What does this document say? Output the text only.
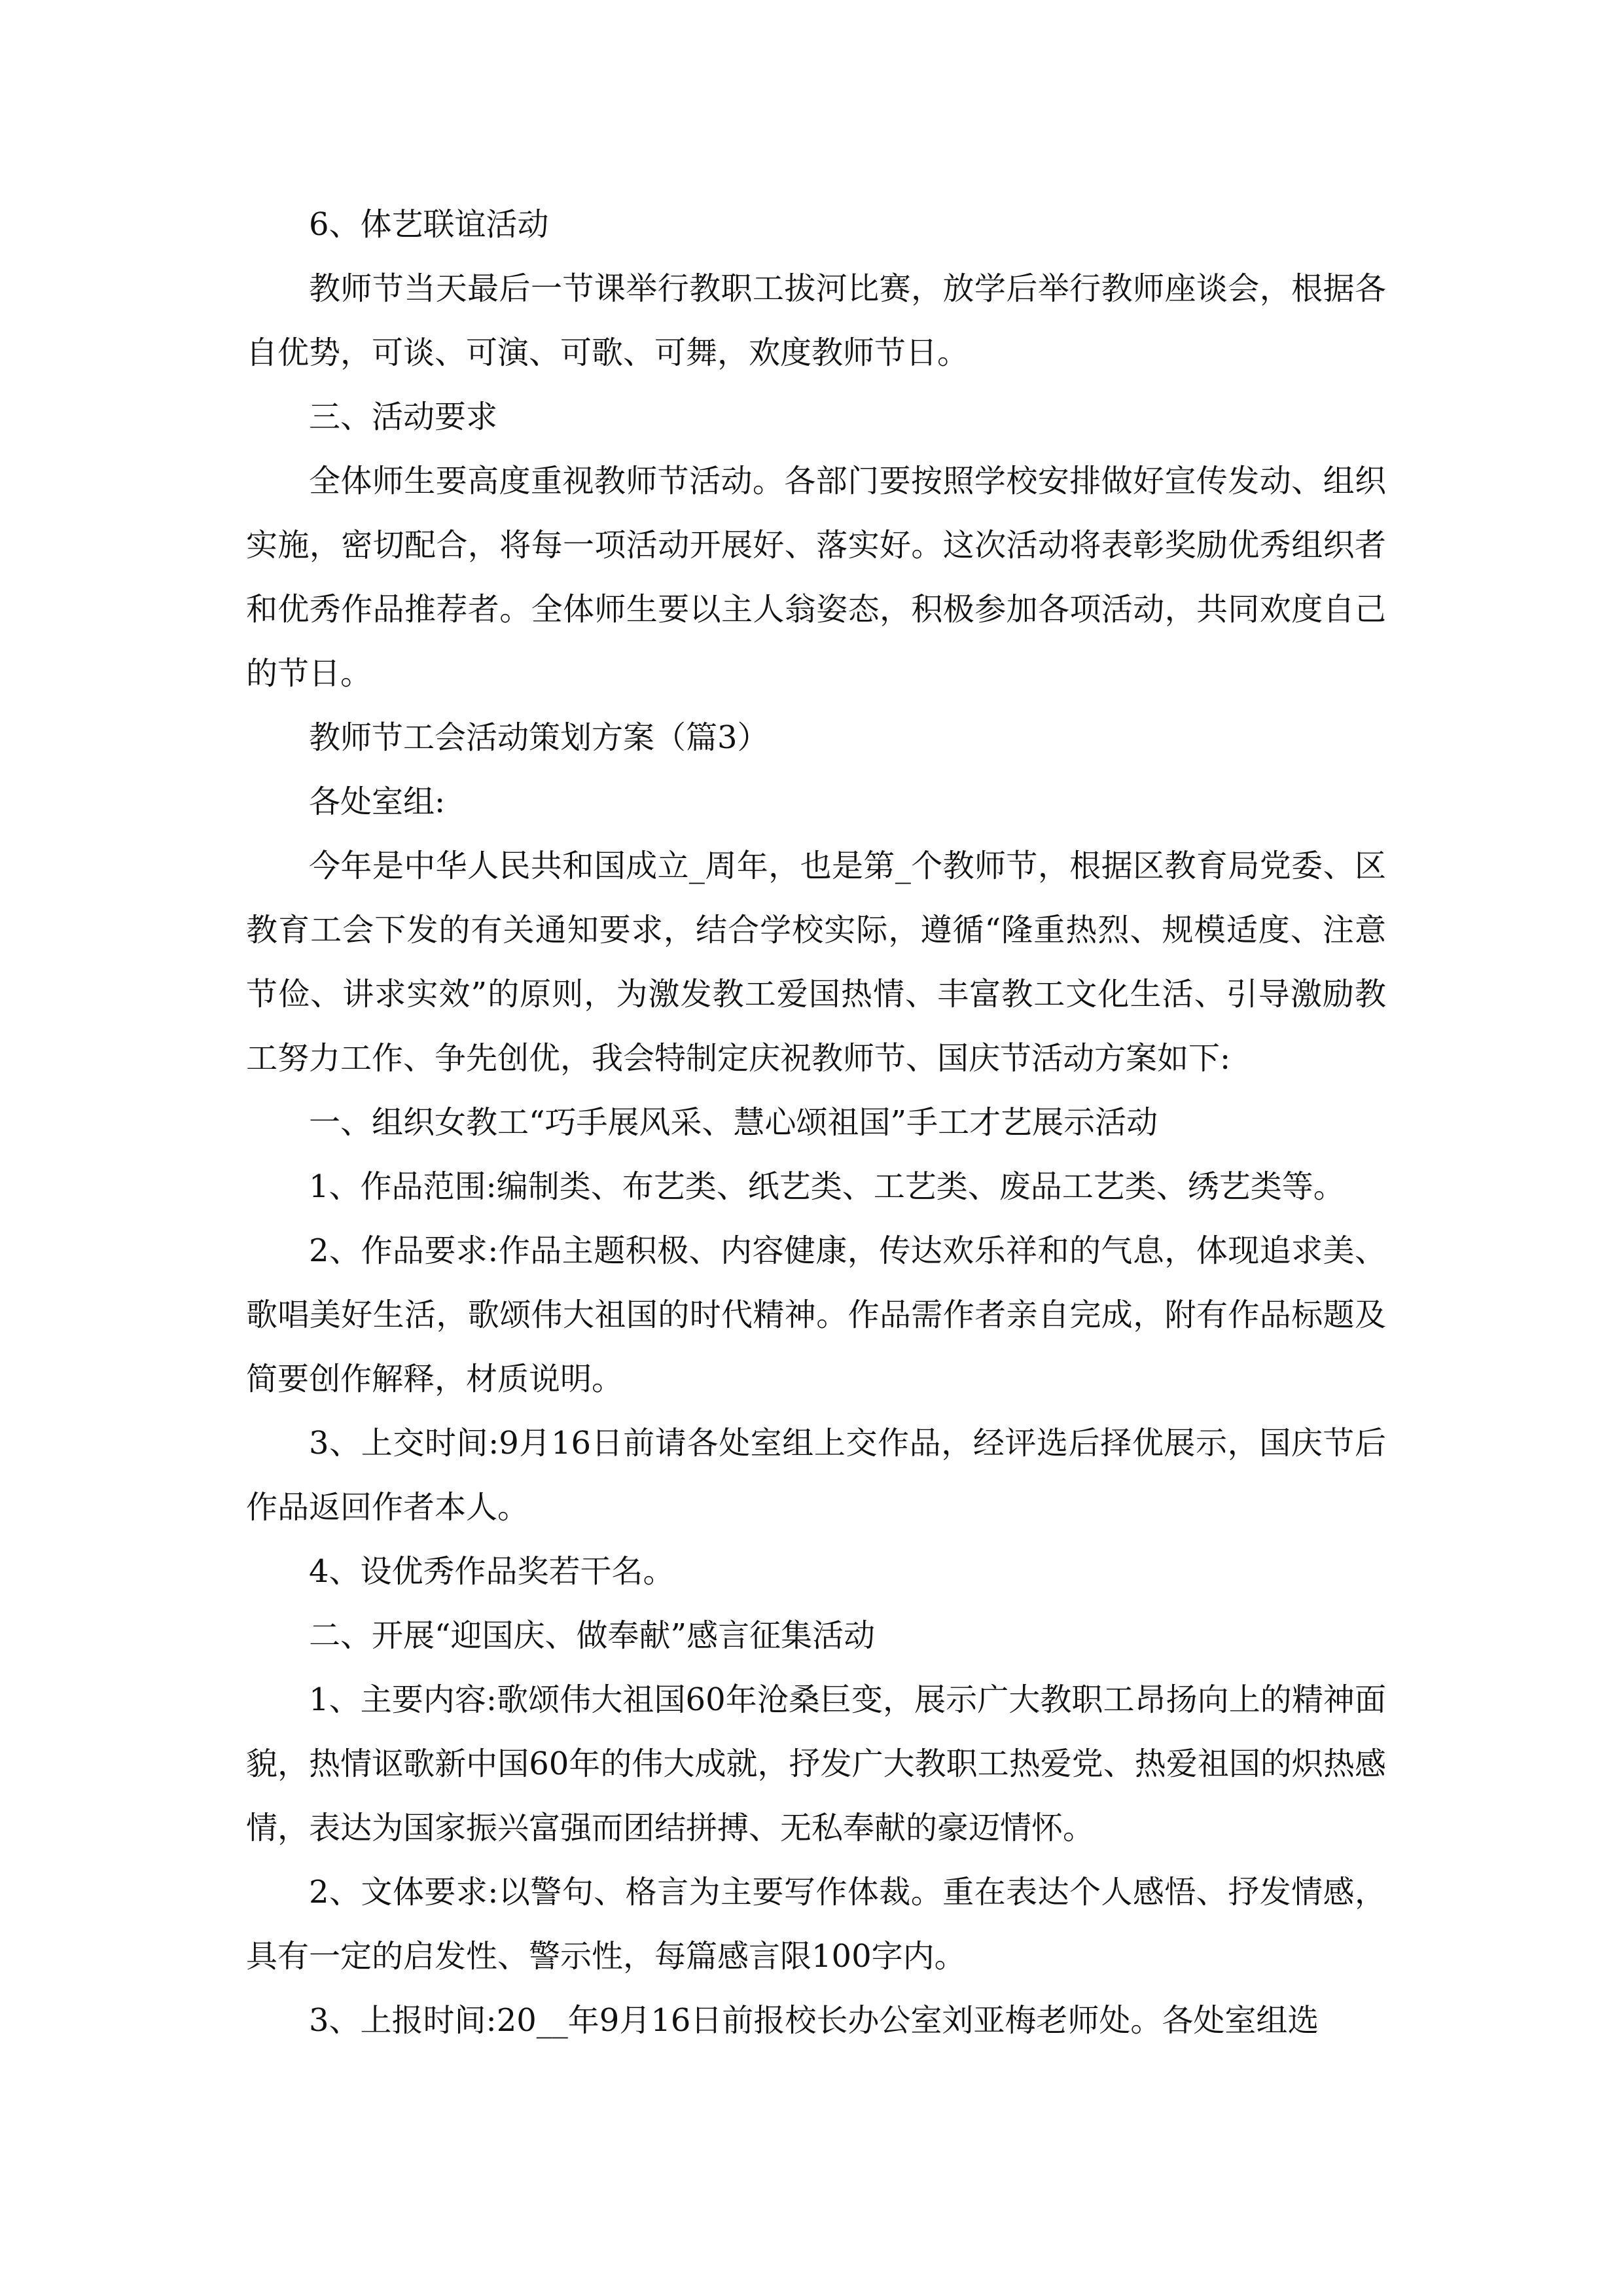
6、体艺联谊活动

教师节当天最后一节课举行教职工拔河比赛，放学后举行教师座谈会，根据各自优势，可谈、可演、可歌、可舞，欢度教师节日。

三、活动要求

全体师生要高度重视教师节活动。各部门要按照学校安排做好宣传发动、组织实施，密切配合，将每一项活动开展好、落实好。这次活动将表彰奖励优秀组织者和优秀作品推荐者。全体师生要以主人翁姿态，积极参加各项活动，共同欢度自己的节日。

教师节工会活动策划方案（篇3）

各处室组:

今年是中华人民共和国成立_周年，也是第_个教师节，根据区教育局党委、区教育工会下发的有关通知要求，结合学校实际，遵循“隆重热烈、规模适度、注意节俭、讲求实效”的原则，为激发教工爱国热情、丰富教工文化生活、引导激励教工努力工作、争先创优，我会特制定庆祝教师节、国庆节活动方案如下:

一、组织女教工“巧手展风采、慧心颂祖国”手工才艺展示活动

1、作品范围:编制类、布艺类、纸艺类、工艺类、废品工艺类、绣艺类等。

2、作品要求:作品主题积极、内容健康，传达欢乐祥和的气息，体现追求美、歌唱美好生活，歌颂伟大祖国的时代精神。作品需作者亲自完成，附有作品标题及简要创作解释，材质说明。

3、上交时间:9月16日前请各处室组上交作品，经评选后择优展示，国庆节后作品返回作者本人。

4、设优秀作品奖若干名。

二、开展“迎国庆、做奉献”感言征集活动

1、主要内容:歌颂伟大祖国60年沧桑巨变，展示广大教职工昂扬向上的精神面貌，热情讴歌新中国60年的伟大成就，抒发广大教职工热爱党、热爱祖国的炽热感情，表达为国家振兴富强而团结拼搏、无私奉献的豪迈情怀。

2、文体要求:以警句、格言为主要写作体裁。重在表达个人感悟、抒发情感，具有一定的启发性、警示性，每篇感言限100字内。

3、上报时间:20__年9月16日前报校长办公室刘亚梅老师处。各处室组选
